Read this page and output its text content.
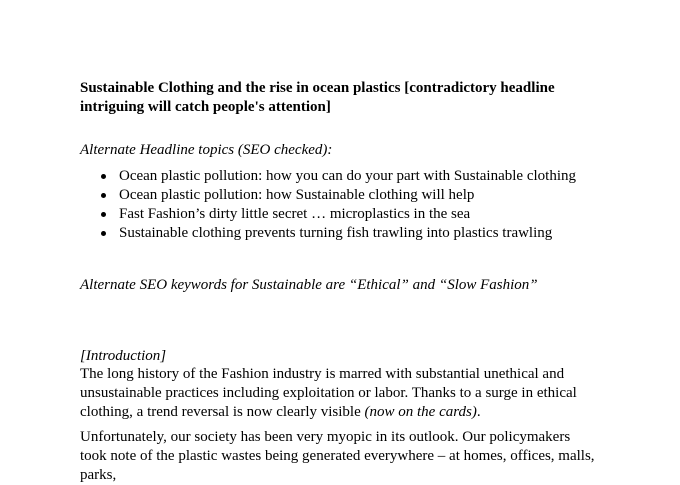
Sustainable Clothing and the rise in ocean plastics [contradictory headline intriguing will catch people's attention]
Alternate Headline topics (SEO checked):
Ocean plastic pollution: how you can do your part with Sustainable clothing
Ocean plastic pollution: how Sustainable clothing will help
Fast Fashion’s dirty little secret … microplastics in the sea
Sustainable clothing prevents turning fish trawling into plastics trawling
Alternate SEO keywords for Sustainable are “Ethical” and “Slow Fashion”
[Introduction]

The long history of the Fashion industry is marred with substantial unethical and unsustainable practices including exploitation or labor. Thanks to a surge in ethical clothing, a trend reversal is now clearly visible (now on the cards).

Unfortunately, our society has been very myopic in its outlook. Our policymakers took note of the plastic wastes being generated everywhere – at homes, offices, malls, parks,
